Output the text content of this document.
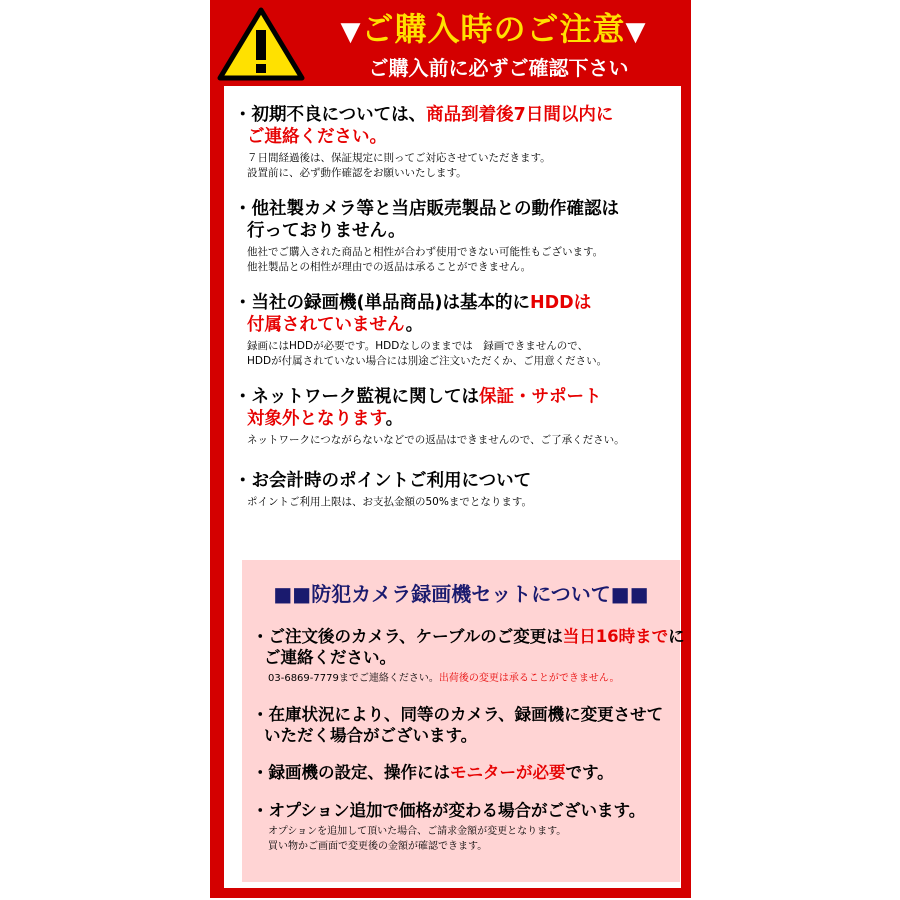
▼ご購入時のご注意▼
ご購入前に必ずご確認下さい
・初期不良については、商品到着後7日間以内に
ご連絡ください。
７日間経過後は、保証規定に則ってご対応させていただきます。
設置前に、必ず動作確認をお願いいたします。
・他社製カメラ等と当店販売製品との動作確認は
行っておりません。
他社でご購入された商品と相性が合わず使用できない可能性もございます。
他社製品との相性が理由での返品は承ることができません。
・当社の録画機(単品商品)は基本的にHDDは
付属されていません。
録画にはHDDが必要です。HDDなしのままでは　録画できませんので、
HDDが付属されていない場合には別途ご注文いただくか、ご用意ください。
・ネットワーク監視に関しては保証・サポート
対象外となります。
ネットワークにつながらないなどでの返品はできませんので、ご了承ください。
・お会計時のポイントご利用について
ポイントご利用上限は、お支払金額の50%までとなります。
■■防犯カメラ録画機セットについて■■
・ご注文後のカメラ、ケーブルのご変更は当日16時までに
ご連絡ください。
03-6869-7779までご連絡ください。出荷後の変更は承ることができません。
・在庫状況により、同等のカメラ、録画機に変更させて
いただく場合がございます。
・録画機の設定、操作にはモニターが必要です。
・オプション追加で価格が変わる場合がございます。
オプションを追加して頂いた場合、ご請求金額が変更となります。
買い物かご画面で変更後の金額が確認できます。
